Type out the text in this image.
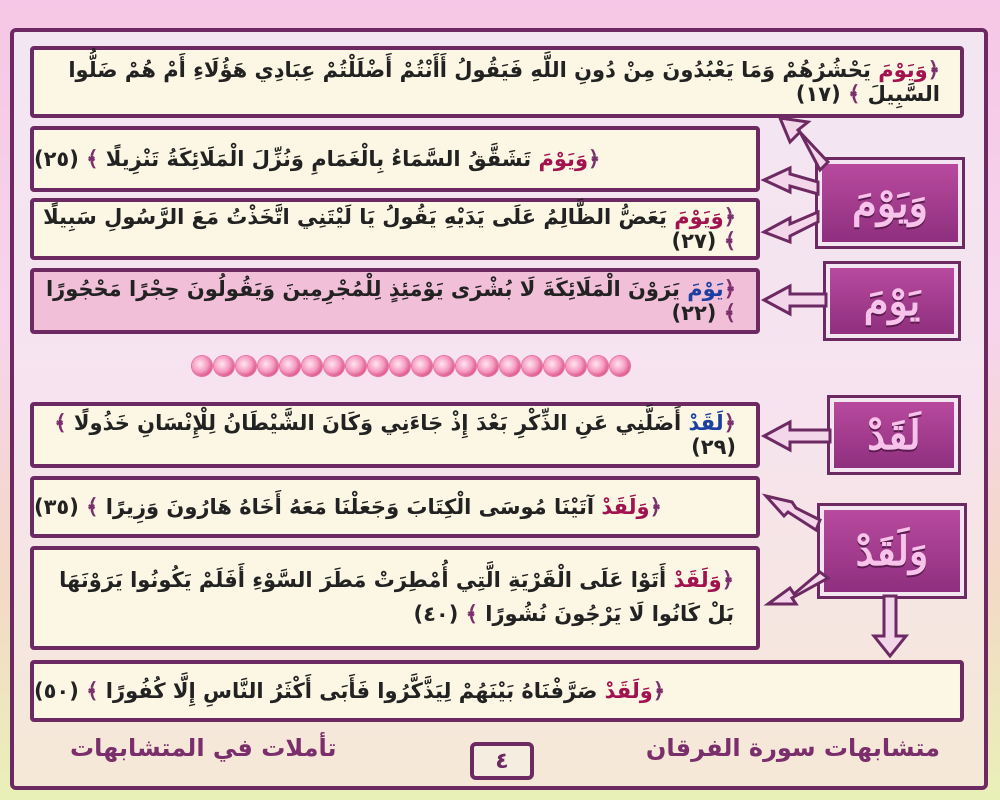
﴿وَيَوْمَ يَحْشُرُهُمْ وَمَا يَعْبُدُونَ مِنْ دُونِ اللَّهِ فَيَقُولُ أَأَنْتُمْ أَضْلَلْتُمْ عِبَادِي هَؤُلَاءِ أَمْ هُمْ ضَلُّوا السَّبِيلَ ﴾ (١٧)
﴿وَيَوْمَ تَشَقَّقُ السَّمَاءُ بِالْغَمَامِ وَنُزِّلَ الْمَلَائِكَةُ تَنْزِيلًا ﴾ (٢٥)
﴿وَيَوْمَ يَعَضُّ الظَّالِمُ عَلَى يَدَيْهِ يَقُولُ يَا لَيْتَنِي اتَّخَذْتُ مَعَ الرَّسُولِ سَبِيلًا ﴾ (٢٧)
﴿يَوْمَ يَرَوْنَ الْمَلَائِكَةَ لَا بُشْرَى يَوْمَئِذٍ لِلْمُجْرِمِينَ وَيَقُولُونَ حِجْرًا مَحْجُورًا ﴾ (٢٢)
﴿لَقَدْ أَضَلَّنِي عَنِ الذِّكْرِ بَعْدَ إِذْ جَاءَنِي وَكَانَ الشَّيْطَانُ لِلْإِنْسَانِ خَذُولًا ﴾ (٢٩)
﴿وَلَقَدْ آتَيْنَا مُوسَى الْكِتَابَ وَجَعَلْنَا مَعَهُ أَخَاهُ هَارُونَ وَزِيرًا ﴾ (٣٥)
﴿وَلَقَدْ أَتَوْا عَلَى الْقَرْيَةِ الَّتِي أُمْطِرَتْ مَطَرَ السَّوْءِ أَفَلَمْ يَكُونُوا يَرَوْنَهَا بَلْ كَانُوا لَا يَرْجُونَ نُشُورًا ﴾ (٤٠)
﴿وَلَقَدْ صَرَّفْنَاهُ بَيْنَهُمْ لِيَذَّكَّرُوا فَأَبَى أَكْثَرُ النَّاسِ إِلَّا كُفُورًا ﴾ (٥٠)
وَيَوْمَ
يَوْمَ
لَقَدْ
وَلَقَدْ
متشابهات سورة الفرقان
تأملات في المتشابهات	٤
